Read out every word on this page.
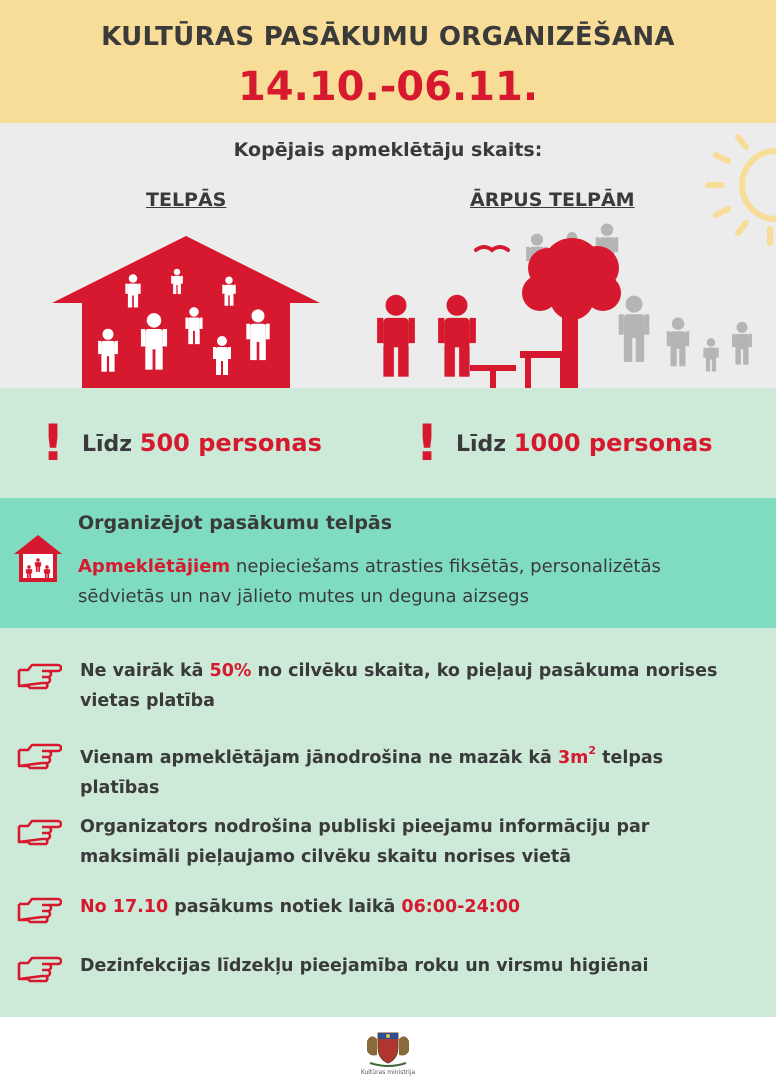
KULTŪRAS PASĀKUMU ORGANIZĒŠANA
14.10.-06.11.
Kopējais apmeklētāju skaits:
TELPĀS	ĀRPUS TELPĀM
! Līdz 500 personas ! Līdz 1000 personas
Organizējot pasākumu telpās
Apmeklētājiem nepieciešams atrasties fiksētās, personalizētās sēdvietās un nav jālieto mutes un deguna aizsegs
Ne vairāk kā 50% no cilvēku skaita, ko pieļauj pasākuma norises vietas platība
Vienam apmeklētājam jānodrošina ne mazāk kā $3m^2$ telpas platības
Organizators nodrošina publiski pieejamu informāciju par maksimāli pieļaujamo cilvēku skaitu norises vietā
No 17.10 pasākums notiek laikā 06:00-24:00
Dezinfekcijas līdzekļu pieejamība roku un virsmu higiēnai
Kultūras ministrija
